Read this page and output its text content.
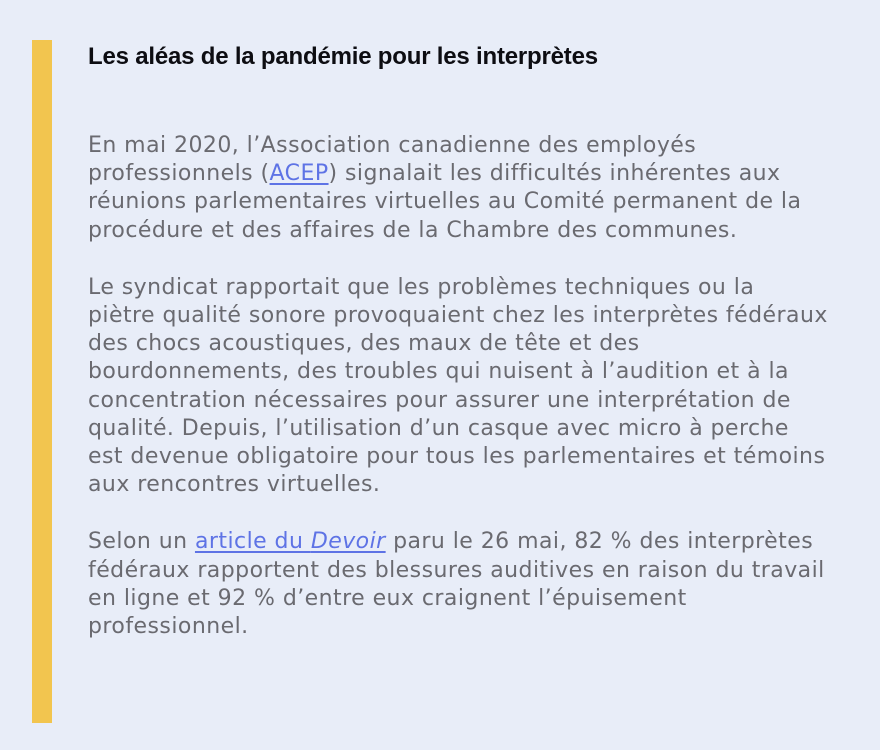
Les aléas de la pandémie pour les interprètes

En mai 2020, l’Association canadienne des employés professionnels (ACEP) signalait les difficultés inhérentes aux réunions parlementaires virtuelles au Comité permanent de la procédure et des affaires de la Chambre des communes.

Le syndicat rapportait que les problèmes techniques ou la piètre qualité sonore provoquaient chez les interprètes fédéraux des chocs acoustiques, des maux de tête et des bourdonnements, des troubles qui nuisent à l’audition et à la concentration nécessaires pour assurer une interprétation de qualité. Depuis, l’utilisation d’un casque avec micro à perche est devenue obligatoire pour tous les parlementaires et témoins aux rencontres virtuelles.

Selon un article du Devoir paru le 26 mai, 82 % des interprètes fédéraux rapportent des blessures auditives en raison du travail en ligne et 92 % d’entre eux craignent l’épuisement professionnel.
